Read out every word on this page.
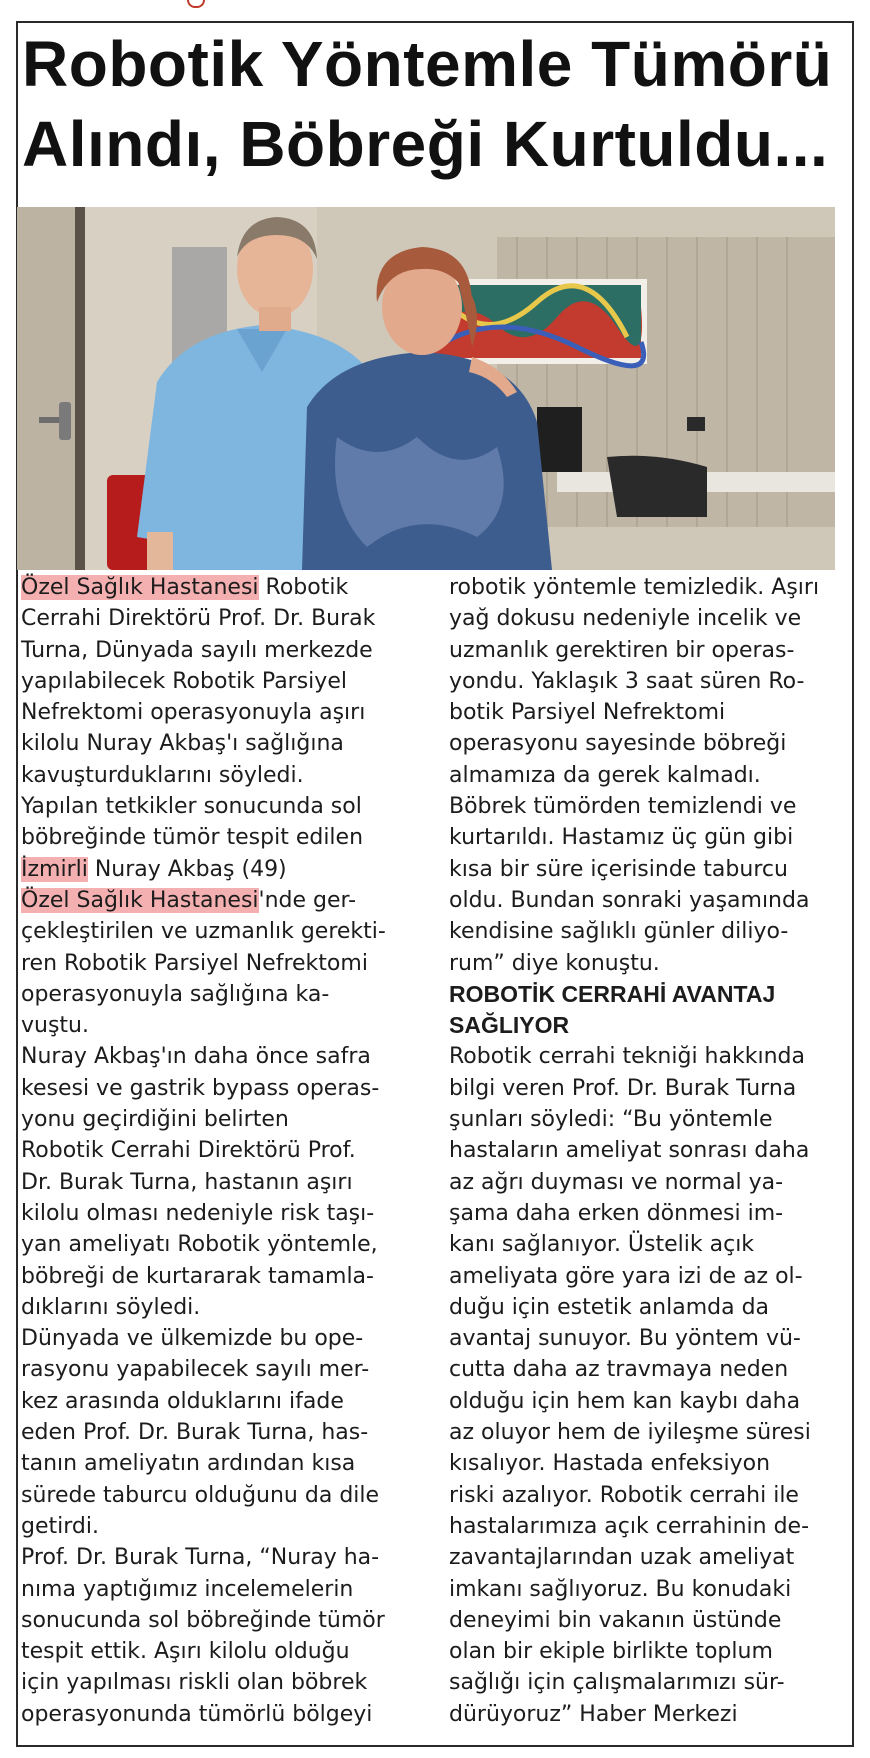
Robotik Yöntemle Tümörü
Alındı, Böbreği Kurtuldu...

Özel Sağlık Hastanesi Robotik
Cerrahi Direktörü Prof. Dr. Burak
Turna, Dünyada sayılı merkezde
yapılabilecek Robotik Parsiyel
Nefrektomi operasyonuyla aşırı
kilolu Nuray Akbaş'ı sağlığına
kavuşturduklarını söyledi.

Yapılan tetkikler sonucunda sol
böbreğinde tümör tespit edilen
İzmirli Nuray Akbaş (49)
Özel Sağlık Hastanesi'nde ger-
çekleştirilen ve uzmanlık gerekti-
ren Robotik Parsiyel Nefrektomi
operasyonuyla sağlığına ka-
vuştu.

Nuray Akbaş'ın daha önce safra
kesesi ve gastrik bypass operas-
yonu geçirdiğini belirten
Robotik Cerrahi Direktörü Prof.
Dr. Burak Turna, hastanın aşırı
kilolu olması nedeniyle risk taşı-
yan ameliyatı Robotik yöntemle,
böbreği de kurtararak tamamla-
dıklarını söyledi.

Dünyada ve ülkemizde bu ope-
rasyonu yapabilecek sayılı mer-
kez arasında olduklarını ifade
eden Prof. Dr. Burak Turna, has-
tanın ameliyatın ardından kısa
sürede taburcu olduğunu da dile
getirdi.

Prof. Dr. Burak Turna, “Nuray ha-
nıma yaptığımız incelemelerin
sonucunda sol böbreğinde tümör
tespit ettik. Aşırı kilolu olduğu
için yapılması riskli olan böbrek
operasyonunda tümörlü bölgeyi

robotik yöntemle temizledik. Aşırı
yağ dokusu nedeniyle incelik ve
uzmanlık gerektiren bir operas-
yondu. Yaklaşık 3 saat süren Ro-
botik Parsiyel Nefrektomi
operasyonu sayesinde böbreği
almamıza da gerek kalmadı.
Böbrek tümörden temizlendi ve
kurtarıldı. Hastamız üç gün gibi
kısa bir süre içerisinde taburcu
oldu. Bundan sonraki yaşamında
kendisine sağlıklı günler diliyo-
rum” diye konuştu.

ROBOTİK CERRAHİ AVANTAJ
SAĞLIYOR

Robotik cerrahi tekniği hakkında
bilgi veren Prof. Dr. Burak Turna
şunları söyledi: “Bu yöntemle
hastaların ameliyat sonrası daha
az ağrı duyması ve normal ya-
şama daha erken dönmesi im-
kanı sağlanıyor. Üstelik açık
ameliyata göre yara izi de az ol-
duğu için estetik anlamda da
avantaj sunuyor. Bu yöntem vü-
cutta daha az travmaya neden
olduğu için hem kan kaybı daha
az oluyor hem de iyileşme süresi
kısalıyor. Hastada enfeksiyon
riski azalıyor. Robotik cerrahi ile
hastalarımıza açık cerrahinin de-
zavantajlarından uzak ameliyat
imkanı sağlıyoruz. Bu konudaki
deneyimi bin vakanın üstünde
olan bir ekiple birlikte toplum
sağlığı için çalışmalarımızı sür-
dürüyoruz” Haber Merkezi
